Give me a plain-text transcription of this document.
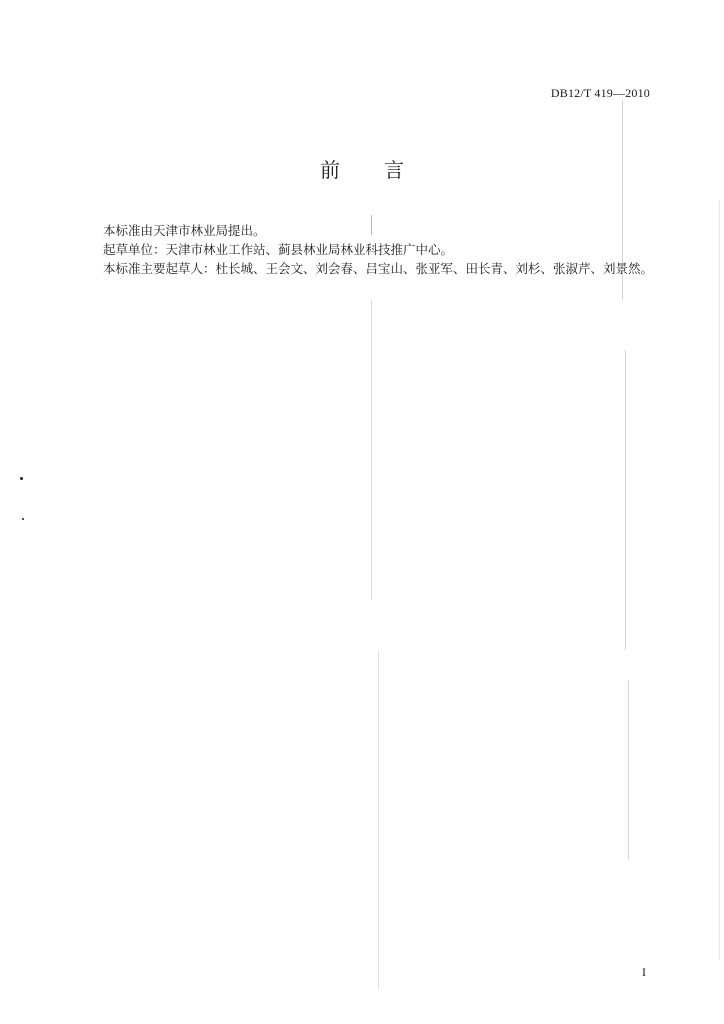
DB12/T 419—2010
前言

本标准由天津市林业局提出。

起草单位：天津市林业工作站、蓟县林业局林业科技推广中心。

本标准主要起草人：杜长城、王会文、刘会春、吕宝山、张亚军、田长青、刘杉、张淑芹、刘景然。

I
